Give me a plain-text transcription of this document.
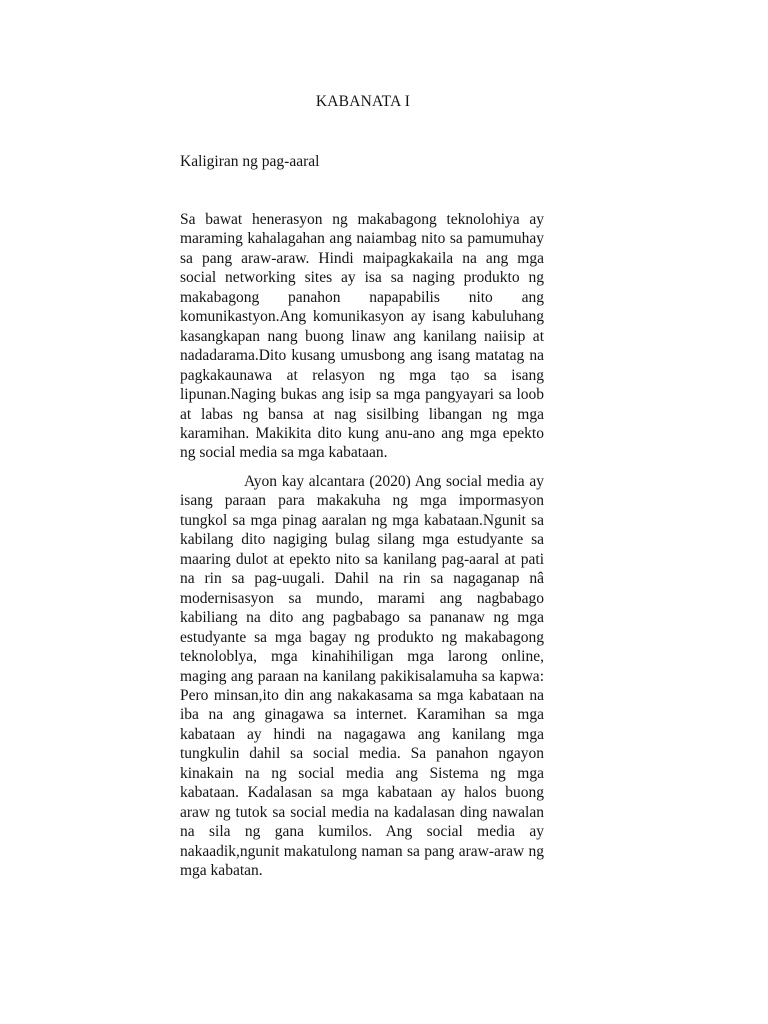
KABANATA I
Kaligiran ng pag-aaral

Sa bawat henerasyon ng makabagong teknolohiya ay maraming kahalagahan ang naiambag nito sa pamumuhay sa pang araw-araw. Hindi maipagkakaila na ang mga social networking sites ay isa sa naging produkto ng makabagong panahon napapabilis nito ang komunikastyon.Ang komunikasyon ay isang kabuluhang kasangkapan nang buong linaw ang kanilang naiisip at nadadarama.Dito kusang umusbong ang isang matatag na pagkakaunawa at relasyon ng mga tạo sa isang lipunan.Naging bukas ang isip sa mga pangyayari sa loob at labas ng bansa at nag sisilbing libangan ng mga karamihan. Makikita dito kung anu-ano ang mga epekto ng social media sa mga kabataan.

Ayon kay alcantara (2020) Ang social media ay isang paraan para makakuha ng mga impormasyon tungkol sa mga pinag aaralan ng mga kabataan.Ngunit sa kabilang dito nagiging bulag silang mga estudyante sa maaring dulot at epekto nito sa kanilang pag-aaral at pati na rin sa pag-uugali. Dahil na rin sa nagaganap nâ modernisasyon sa mundo, marami ang nagbabago kabiliang na dito ang pagbabago sa pananaw ng mga estudyante sa mga bagay ng produkto ng makabagong teknoloblya, mga kinahihiligan mga larong online, maging ang paraan na kanilang pakikisalamuha sa kapwa: Pero minsan,ito din ang nakakasama sa mga kabataan na iba na ang ginagawa sa internet. Karamihan sa mga kabataan ay hindi na nagagawa ang kanilang mga tungkulin dahil sa social media. Sa panahon ngayon kinakain na ng social media ang Sistema ng mga kabataan. Kadalasan sa mga kabataan ay halos buong araw ng tutok sa social media na kadalasan ding nawalan na sila ng gana kumilos. Ang social media ay nakaadik,ngunit makatulong naman sa pang araw-araw ng mga kabatan.
